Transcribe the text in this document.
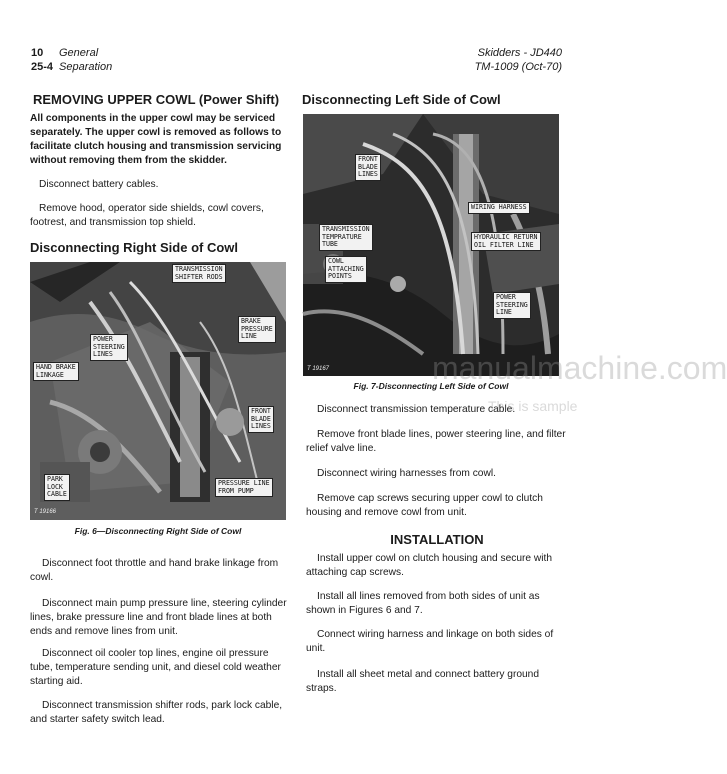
10 General
25-4 Separation
Skidders - JD440
TM-1009 (Oct-70)
REMOVING UPPER COWL (Power Shift)

All components in the upper cowl may be serviced separately. The upper cowl is removed as follows to facilitate clutch housing and transmission servicing without removing them from the skidder.

Disconnect battery cables.

Remove hood, operator side shields, cowl covers, footrest, and transmission top shield.

Disconnecting Right Side of Cowl
TRANSMISSION
SHIFTER RODS
POWER
STEERING
LINES
HAND BRAKE
LINKAGE
BRAKE
PRESSURE
LINE
FRONT
BLADE
LINES
PARK
LOCK
CABLE
PRESSURE LINE
FROM PUMP
T 19166
Fig. 6—Disconnecting Right Side of Cowl

Disconnect foot throttle and hand brake linkage from cowl.

Disconnect main pump pressure line, steering cylinder lines, brake pressure line and front blade lines at both ends and remove lines from unit.

Disconnect oil cooler top lines, engine oil pressure tube, temperature sending unit, and diesel cold weather starting aid.

Disconnect transmission shifter rods, park lock cable, and starter safety switch lead.

Disconnecting Left Side of Cowl
FRONT
BLADE
LINES
WIRING HARNESS
TRANSMISSION
TEMPRATURE
TUBE
HYDRAULIC RETURN
OIL FILTER LINE
COWL
ATTACHING
POINTS
POWER
STEERING
LINE
T 19167
Fig. 7-Disconnecting Left Side of Cowl

Disconnect transmission temperature cable.

Remove front blade lines, power steering line, and filter relief valve line.

Disconnect wiring harnesses from cowl.

Remove cap screws securing upper cowl to clutch housing and remove cowl from unit.

INSTALLATION

Install upper cowl on clutch housing and secure with attaching cap screws.

Install all lines removed from both sides of unit as shown in Figures 6 and 7.

Connect wiring harness and linkage on both sides of unit.

Install all sheet metal and connect battery ground straps.

manualmachine.com
This is sample
